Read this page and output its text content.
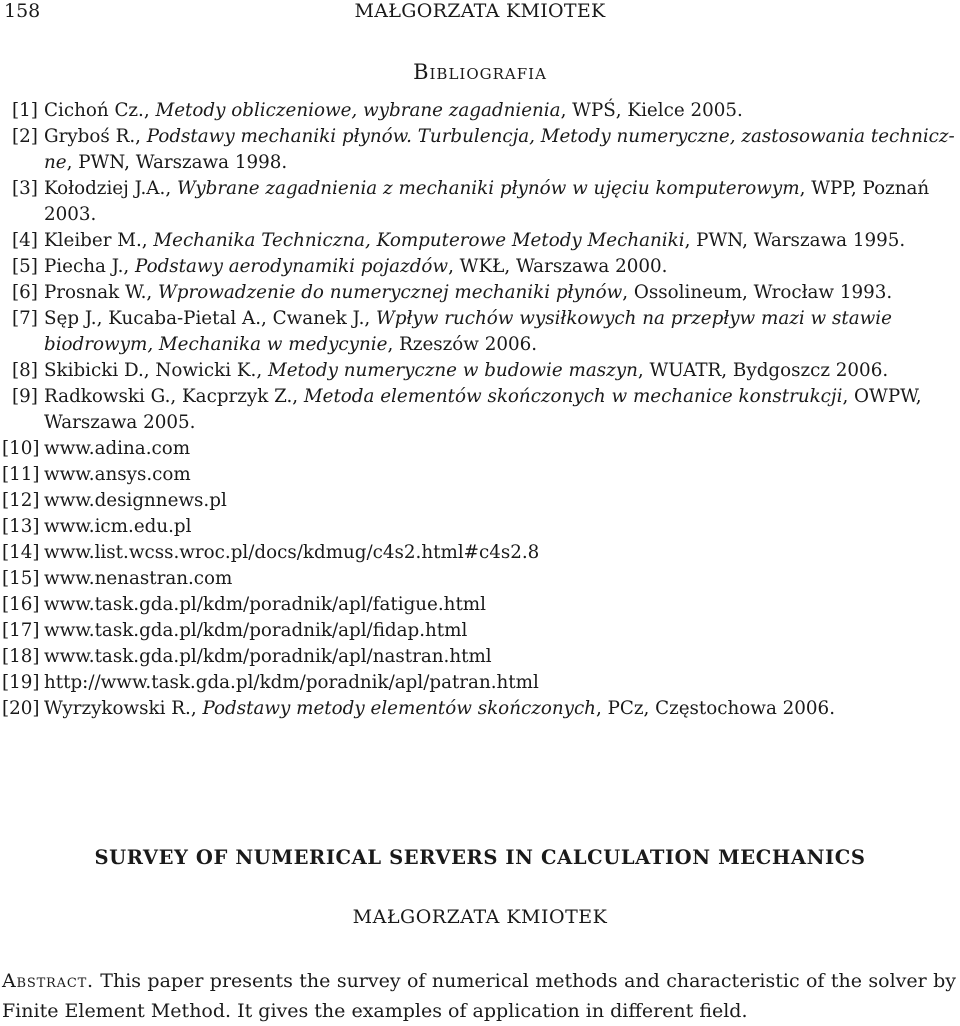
158	MAŁGORZATA KMIOTEK
Bibliografia
[1] Cichoń Cz., Metody obliczeniowe, wybrane zagadnienia, WPŚ, Kielce 2005.
[2] Gryboś R., Podstawy mechaniki płynów. Turbulencja, Metody numeryczne, zastosowania technicz- ne, PWN, Warszawa 1998.
[3] Kołodziej J.A., Wybrane zagadnienia z mechaniki płynów w ujęciu komputerowym, WPP, Poznań 2003.
[4] Kleiber M., Mechanika Techniczna, Komputerowe Metody Mechaniki, PWN, Warszawa 1995.
[5] Piecha J., Podstawy aerodynamiki pojazdów, WKŁ, Warszawa 2000.
[6] Prosnak W., Wprowadzenie do numerycznej mechaniki płynów, Ossolineum, Wrocław 1993.
[7] Sęp J., Kucaba-Pietal A., Cwanek J., Wpływ ruchów wysiłkowych na przepływ mazi w stawie biodrowym, Mechanika w medycynie, Rzeszów 2006.
[8] Skibicki D., Nowicki K., Metody numeryczne w budowie maszyn, WUATR, Bydgoszcz 2006.
[9] Radkowski G., Kacprzyk Z., Metoda elementów skończonych w mechanice konstrukcji, OWPW, Warszawa 2005.
[10] www.adina.com
[11] www.ansys.com
[12] www.designnews.pl
[13] www.icm.edu.pl
[14] www.list.wcss.wroc.pl/docs/kdmug/c4s2.html#c4s2.8
[15] www.nenastran.com
[16] www.task.gda.pl/kdm/poradnik/apl/fatigue.html
[17] www.task.gda.pl/kdm/poradnik/apl/fidap.html
[18] www.task.gda.pl/kdm/poradnik/apl/nastran.html
[19] http://www.task.gda.pl/kdm/poradnik/apl/patran.html
[20] Wyrzykowski R., Podstawy metody elementów skończonych, PCz, Częstochowa 2006.
SURVEY OF NUMERICAL SERVERS IN CALCULATION MECHANICS
MAŁGORZATA KMIOTEK
Abstract. This paper presents the survey of numerical methods and characteristic of the solver by Finite Element Method. It gives the examples of application in different field.
